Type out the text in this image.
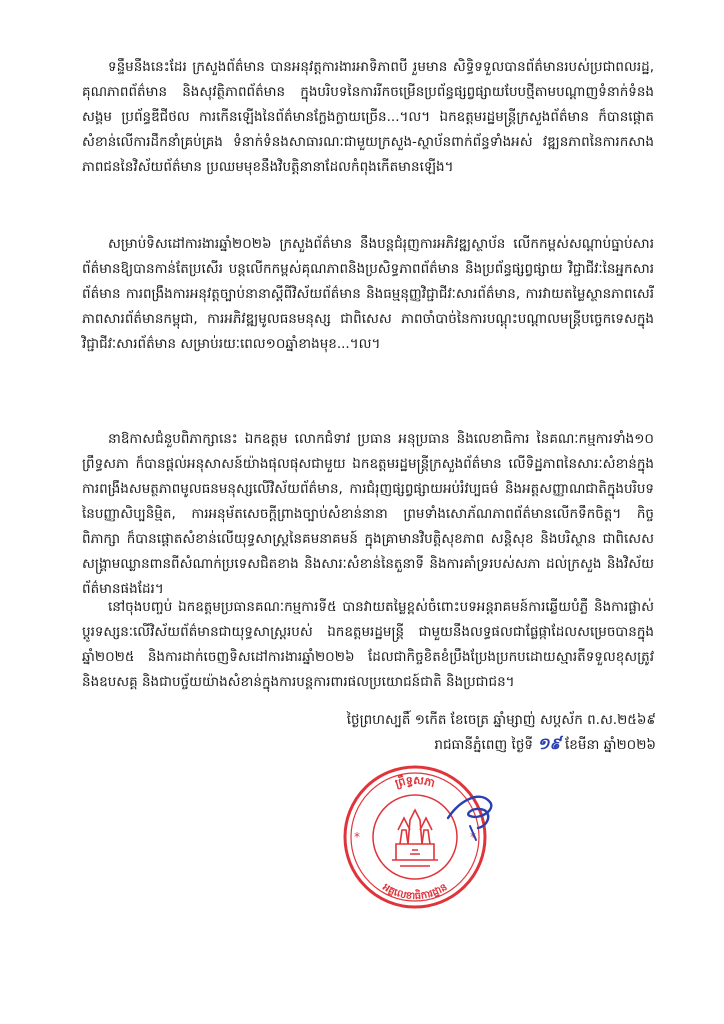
ទន្ទឹមនឹងនេះដែរ ក្រសួងព័ត៌មាន បានអនុវត្តការងារអាទិភាពបី រួមមាន សិទ្ធិទទួលបានព័ត៌មានរបស់ប្រជាពលរដ្ឋ, គុណភាពព័ត៌មាន និងសុវត្ថិភាពព័ត៌មាន ក្នុងបរិបទនៃការរីកចម្រើនប្រព័ន្ធផ្សព្វផ្សាយបែបថ្មីតាមបណ្ដាញទំនាក់ទំនងសង្គម ប្រព័ន្ធឌីជីថល ការកើនឡើងនៃព័ត៌មានក្លែងក្លាយច្រើន...។ល។ ឯកឧត្តមរដ្ឋមន្ត្រីក្រសួងព័ត៌មាន ក៏បានផ្ដោតសំខាន់លើការដឹកនាំគ្រប់គ្រង ទំនាក់ទំនងសាធារណៈជាមួយក្រសួង-ស្ថាប័នពាក់ព័ន្ធទាំងអស់ វឌ្ឍនភាពនៃការកសាងភាពជននៃវិស័យព័ត៌មាន ប្រឈមមុខនឹងវិបត្តិនានាដែលកំពុងកើតមានឡើង។

សម្រាប់ទិសដៅការងារឆ្នាំ២០២៦ ក្រសួងព័ត៌មាន នឹងបន្តជំរុញការអភិវឌ្ឍស្ថាប័ន លើកកម្ពស់សណ្ដាប់ធ្នាប់សារព័ត៌មានឱ្យបានកាន់តែប្រសើរ បន្តលើកកម្ពស់គុណភាពនិងប្រសិទ្ធភាពព័ត៌មាន និងប្រព័ន្ធផ្សព្វផ្សាយ វិជ្ជាជីវៈនៃអ្នកសារព័ត៌មាន ការពង្រឹងការអនុវត្តច្បាប់នានាស្ដីពីវិស័យព័ត៌មាន និងធម្មនុញ្ញវិជ្ជាជីវៈសារព័ត៌មាន, ការវាយតម្លៃស្ថានភាពសេរីភាពសារព័ត៌មានកម្ពុជា, ការអភិវឌ្ឍមូលធនមនុស្ស ជាពិសេស ភាពចាំបាច់នៃការបណ្ដុះបណ្ដាលមន្ត្រីបច្ចេកទេសក្នុងវិជ្ជាជីវៈសារព័ត៌មាន សម្រាប់រយៈពេល១០ឆ្នាំខាងមុខ...។ល។

នាឱកាសជំនួបពិភាក្សានេះ ឯកឧត្តម លោកជំទាវ ប្រធាន អនុប្រធាន និងលេខាធិការ នៃគណៈកម្មការទាំង១០ ព្រឹទ្ធសភា ក៏បានផ្ដល់អនុសាសន៍យ៉ាងផុលផុសជាមួយ ឯកឧត្តមរដ្ឋមន្ត្រីក្រសួងព័ត៌មាន លើទិដ្ឋភាពនៃសារៈសំខាន់ក្នុងការពង្រឹងសមត្ថភាពមូលធនមនុស្សលើវិស័យព័ត៌មាន, ការជំរុញផ្សព្វផ្សាយអប់រំវប្បធម៌ និងអត្តសញ្ញាណជាតិក្នុងបរិបទនៃបញ្ញាសិប្បនិម្មិត, ការអនុម័តសេចក្ដីព្រាងច្បាប់សំខាន់នានា ព្រមទាំងសោភ័ណភាពព័ត៌មានលើកទឹកចិត្ត។ កិច្ចពិភាក្សា ក៏បានផ្ដោតសំខាន់លើយុទ្ធសាស្ត្រនៃគមនាគមន៍ ក្នុងគ្រាមានវិបត្តិសុខភាព សន្តិសុខ និងបរិស្ថាន ជាពិសេស សង្គ្រាមឈ្លានពានពីសំណាក់ប្រទេសជិតខាង និងសារៈសំខាន់នៃតួនាទី និងការគាំទ្ររបស់សភា ដល់ក្រសួង និងវិស័យព័ត៌មានផងដែរ។

នៅចុងបញ្ចប់ ឯកឧត្តមប្រធានគណៈកម្មការទី៥ បានវាយតម្លៃខ្ពស់ចំពោះបទអន្តរាគមន៍ការឆ្លើយបំភ្លឺ និងការផ្លាស់ប្ដូរទស្សនៈលើវិស័យព័ត៌មានជាយុទ្ធសាស្ត្ររបស់ ឯកឧត្តមរដ្ឋមន្ត្រី ជាមួយនឹងលទ្ធផលជាផ្លែផ្កាដែលសម្រេចបានក្នុងឆ្នាំ២០២៥ និងការដាក់ចេញទិសដៅការងារឆ្នាំ២០២៦ ដែលជាកិច្ចខិតខំប្រឹងប្រែងប្រកបដោយស្មារតីទទួលខុសត្រូវ និងឧបសគ្គ និងជាបច្ច័យយ៉ាងសំខាន់ក្នុងការបន្តការពារផលប្រយោជន៍ជាតិ និងប្រជាជន។

ថ្ងៃព្រហស្បតិ៍ ១កើត ខែចេត្រ ឆ្នាំម្សាញ់ សប្តស័ក ព.ស.២៥៦៩

រាជធានីភ្នំពេញ ថ្ងៃទី ១៩ ខែមីនា ឆ្នាំ២០២៦

ព្រឹទ្ធសភា
អគ្គលេខាធិការដ្ឋាន
*	*
